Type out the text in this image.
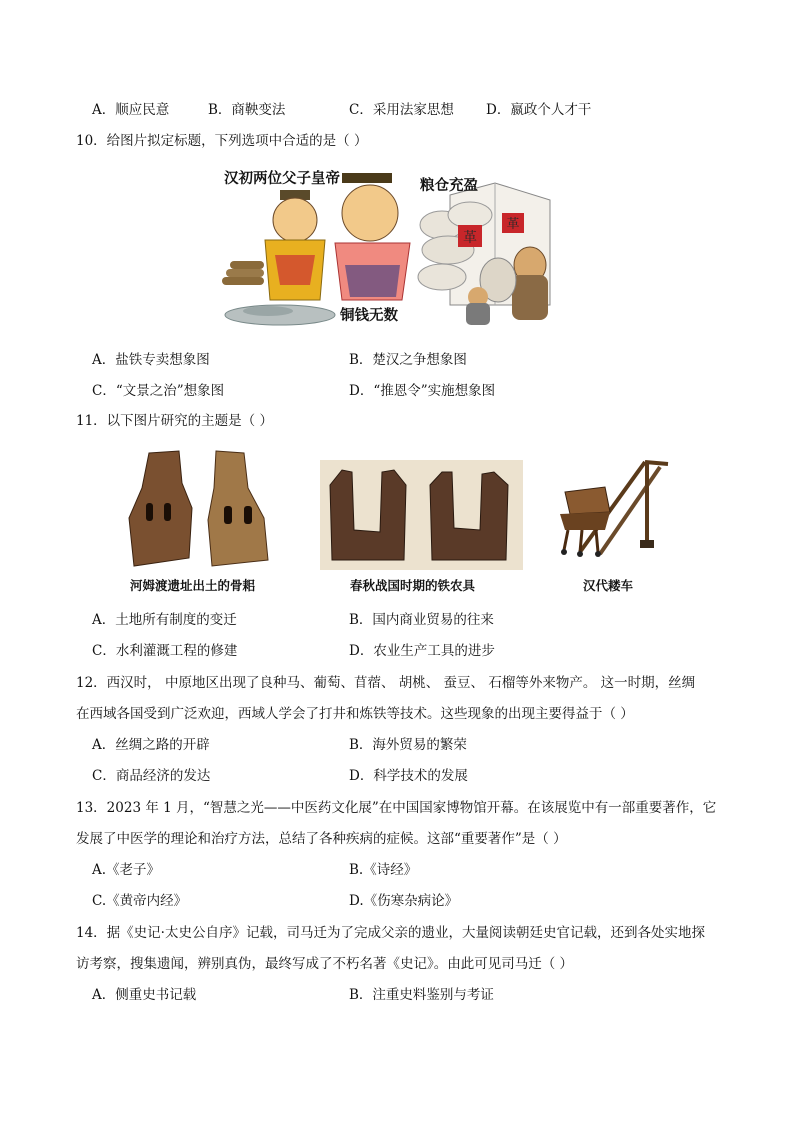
A．顺应民意	B．商鞅变法	C．采用法家思想 D．嬴政个人才干
10．给图片拟定标题，下列选项中合适的是（ ）
革
革
汉初两位父子皇帝	粮仓充盈
铜钱无数
A．盐铁专卖想象图	B．楚汉之争想象图
C．“文景之治”想象图	D．“推恩令”实施想象图
11．以下图片研究的主题是（ ）
河姆渡遗址出土的骨耜	春秋战国时期的铁农具	汉代耧车
A．土地所有制度的变迁	B．国内商业贸易的往来
C．水利灌溉工程的修建	D．农业生产工具的进步
12．西汉时， 中原地区出现了良种马、葡萄、苜蓿、 胡桃、 蚕豆、 石榴等外来物产。 这一时期，丝绸
在西域各国受到广泛欢迎，西域人学会了打井和炼铁等技术。这些现象的出现主要得益于（ ）
A．丝绸之路的开辟	B．海外贸易的繁荣
C．商品经济的发达	D．科学技术的发展
13．2023 年 1 月，“智慧之光——中医药文化展”在中国国家博物馆开幕。在该展览中有一部重要著作，它
发展了中医学的理论和治疗方法，总结了各种疾病的症候。这部“重要著作”是（ ）
A.《老子》	B.《诗经》
C.《黄帝内经》	D.《伤寒杂病论》
14．据《史记·太史公自序》记载，司马迁为了完成父亲的遗业，大量阅读朝廷史官记载，还到各处实地探
访考察，搜集遗闻，辨别真伪，最终写成了不朽名著《史记》。由此可见司马迁（ ）
A．侧重史书记载	B．注重史料鉴别与考证
